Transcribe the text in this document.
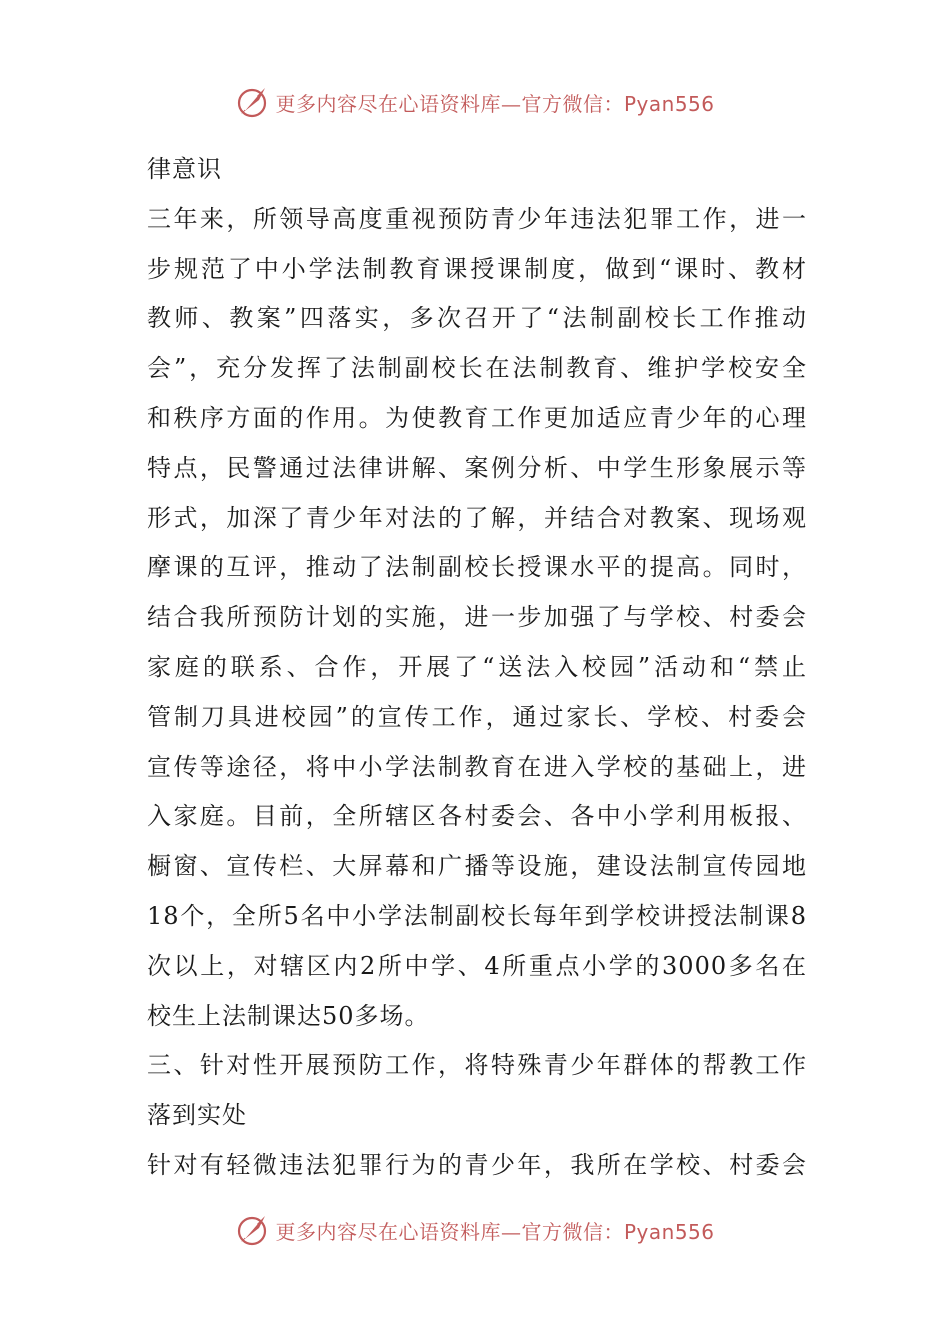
更多内容尽在心语资料库—官方微信：Pyan556
律意识
三年来，所领导高度重视预防青少年违法犯罪工作，进一
步规范了中小学法制教育课授课制度，做到“课时、教材
教师、教案”四落实，多次召开了“法制副校长工作推动
会”，充分发挥了法制副校长在法制教育、维护学校安全
和秩序方面的作用。为使教育工作更加适应青少年的心理
特点，民警通过法律讲解、案例分析、中学生形象展示等
形式，加深了青少年对法的了解，并结合对教案、现场观
摩课的互评，推动了法制副校长授课水平的提高。同时，
结合我所预防计划的实施，进一步加强了与学校、村委会
家庭的联系、合作，开展了“送法入校园”活动和“禁止
管制刀具进校园”的宣传工作，通过家长、学校、村委会
宣传等途径，将中小学法制教育在进入学校的基础上，进
入家庭。目前，全所辖区各村委会、各中小学利用板报、
橱窗、宣传栏、大屏幕和广播等设施，建设法制宣传园地
18个，全所5名中小学法制副校长每年到学校讲授法制课8
次以上，对辖区内2所中学、4所重点小学的3000多名在
校生上法制课达50多场。
三、针对性开展预防工作，将特殊青少年群体的帮教工作
落到实处
针对有轻微违法犯罪行为的青少年，我所在学校、村委会
更多内容尽在心语资料库—官方微信：Pyan556
